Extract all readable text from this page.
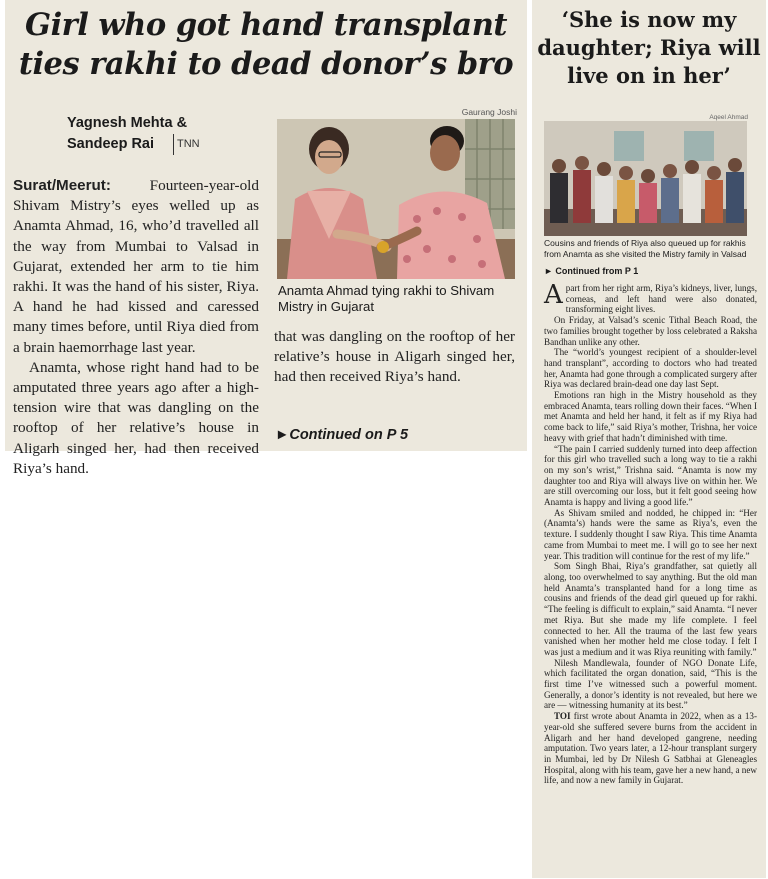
Girl who got hand transplant ties rakhi to dead donor’s bro
Yagnesh Mehta & Sandeep Rai	TNN
Gaurang Joshi

Anamta Ahmad tying rakhi to Shivam Mistry in Gujarat

Surat/Meerut:	Fourteen-year-old Shivam Mistry’s eyes welled up as Anamta Ahmad, 16, who’d travelled all the way from Mumbai to Valsad in Gujarat, extended her arm to tie him rakhi. It was the hand of his sister, Riya. A hand he had kissed and caressed many times before, until Riya died from a brain haemorrhage last year.

Anamta, whose right hand had to be amputated three years ago after a high-tension wire that was dangling on the rooftop of her relative’s house in Aligarh singed her, had then received Riya’s hand.

that was dangling on the rooftop of her relative’s house in Aligarh singed her, had then received Riya’s hand.

►Continued on P 5
‘She is now my daughter; Riya will live on in her’
Aqeel Ahmad

Cousins and friends of Riya also queued up for rakhis from Anamta as she visited the Mistry family in Valsad

► Continued from P 1

Apart from her right arm, Riya’s kidneys, liver, lungs, corneas, and left hand were also donated, transforming eight lives.

On Friday, at Valsad’s scenic Tithal Beach Road, the two families brought together by loss celebrated a Raksha Bandhan unlike any other.

The “world’s youngest recipient of a shoulder-level hand transplant”, according to doctors who had treated her, Anamta had gone through a complicated surgery after Riya was declared brain-dead one day last Sept.

Emotions ran high in the Mistry household as they embraced Anamta, tears rolling down their faces. “When I met Anamta and held her hand, it felt as if my Riya had come back to life,” said Riya’s mother, Trishna, her voice heavy with grief that hadn’t diminished with time.

“The pain I carried suddenly turned into deep affection for this girl who travelled such a long way to tie a rakhi on my son’s wrist,” Trishna said. “Anamta is now my daughter too and Riya will always live on within her. We are still overcoming our loss, but it felt good seeing how Anamta is happy and living a good life.”

As Shivam smiled and nodded, he chipped in: “Her (Anamta’s) hands were the same as Riya’s, even the texture. I suddenly thought I saw Riya. This time Anamta came from Mumbai to meet me. I will go to see her next year. This tradition will continue for the rest of my life.”

Som Singh Bhai, Riya’s grandfather, sat quietly all along, too overwhelmed to say anything. But the old man held Anamta’s transplanted hand for a long time as cousins and friends of the dead girl queued up for rakhi. “The feeling is difficult to explain,” said Anamta. “I never met Riya. But she made my life complete. I feel connected to her. All the trauma of the last few years vanished when her mother held me close today. I felt I was just a medium and it was Riya reuniting with family.”

Nilesh Mandlewala, founder of NGO Donate Life, which facilitated the organ donation, said, “This is the first time I’ve witnessed such a powerful moment. Generally, a donor’s identity is not revealed, but here we are — witnessing humanity at its best.”

TOI first wrote about Anamta in 2022, when as a 13-year-old she suffered severe burns from the accident in Aligarh and her hand developed gangrene, needing amputation. Two years later, a 12-hour transplant surgery in Mumbai, led by Dr Nilesh G Satbhai at Gleneagles Hospital, along with his team, gave her a new hand, a new life, and now a new family in Gujarat.
